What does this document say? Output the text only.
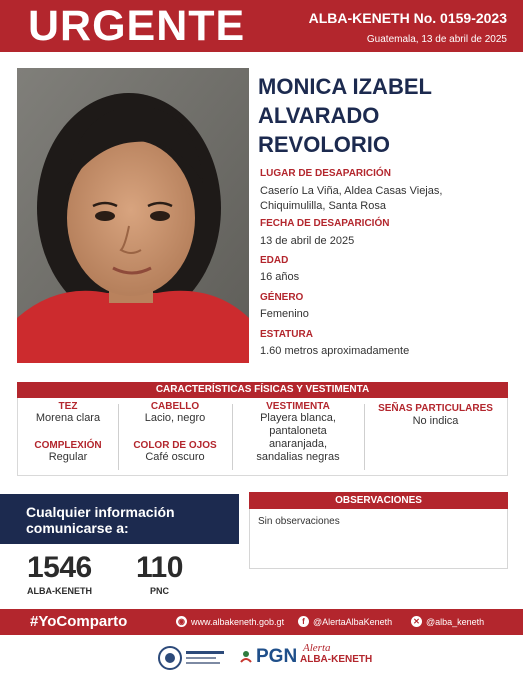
URGENTE	ALBA-KENETH No. 0159-2023
Guatemala, 13 de abril de 2025
MONICA IZABEL
ALVARADO
REVOLORIO
LUGAR DE DESAPARICIÓN
Caserío La Viña, Aldea Casas Viejas,
Chiquimulilla, Santa Rosa
FECHA DE DESAPARICIÓN
13 de abril de 2025
EDAD
16 años
GÉNERO
Femenino
ESTATURA
1.60 metros aproximadamente
CARACTERÍSTICAS FÍSICAS Y VESTIMENTA
TEZ
Morena clara
COMPLEXIÓN
Regular
CABELLO
Lacio, negro
COLOR DE OJOS
Café oscuro
VESTIMENTA
Playera blanca,
pantaloneta
anaranjada,
sandalias negras
SEÑAS PARTICULARES
No indica
Cualquier información
comunicarse a:
1546
ALBA-KENETH
110
PNC
OBSERVACIONES
Sin observaciones
#YoComparto	◉ www.albakeneth.gob.gt	f @AlertaAlbaKeneth	✕ @alba_keneth
PGN Alerta
ALBA-KENETH
